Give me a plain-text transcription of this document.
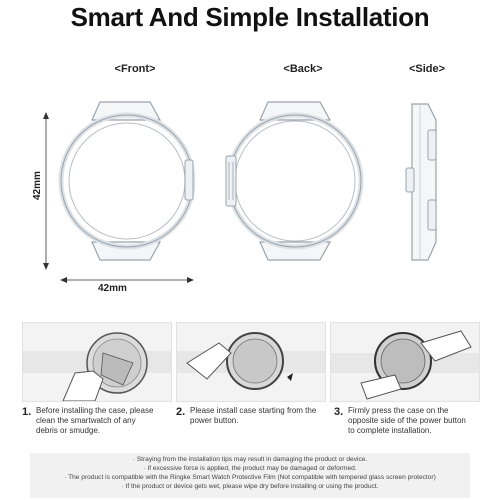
Smart And Simple Installation
<Front>	<Back>	<Side>
42mm
42mm
1. Before installing the case, please clean the smartwatch of any debris or smudge.
2. Please install case starting from the power button.
3. Firmly press the case on the opposite side of the power button to complete installation.
· Straying from the installation tips may result in damaging the product or device.
· If excessive force is applied, the product may be damaged or deformed.
· The product is compatible with the Ringke Smart Watch Protective Film (Not compatible with tempered glass screen protector)
· If the product or device gets wet, please wipe dry before installing or using the product.
